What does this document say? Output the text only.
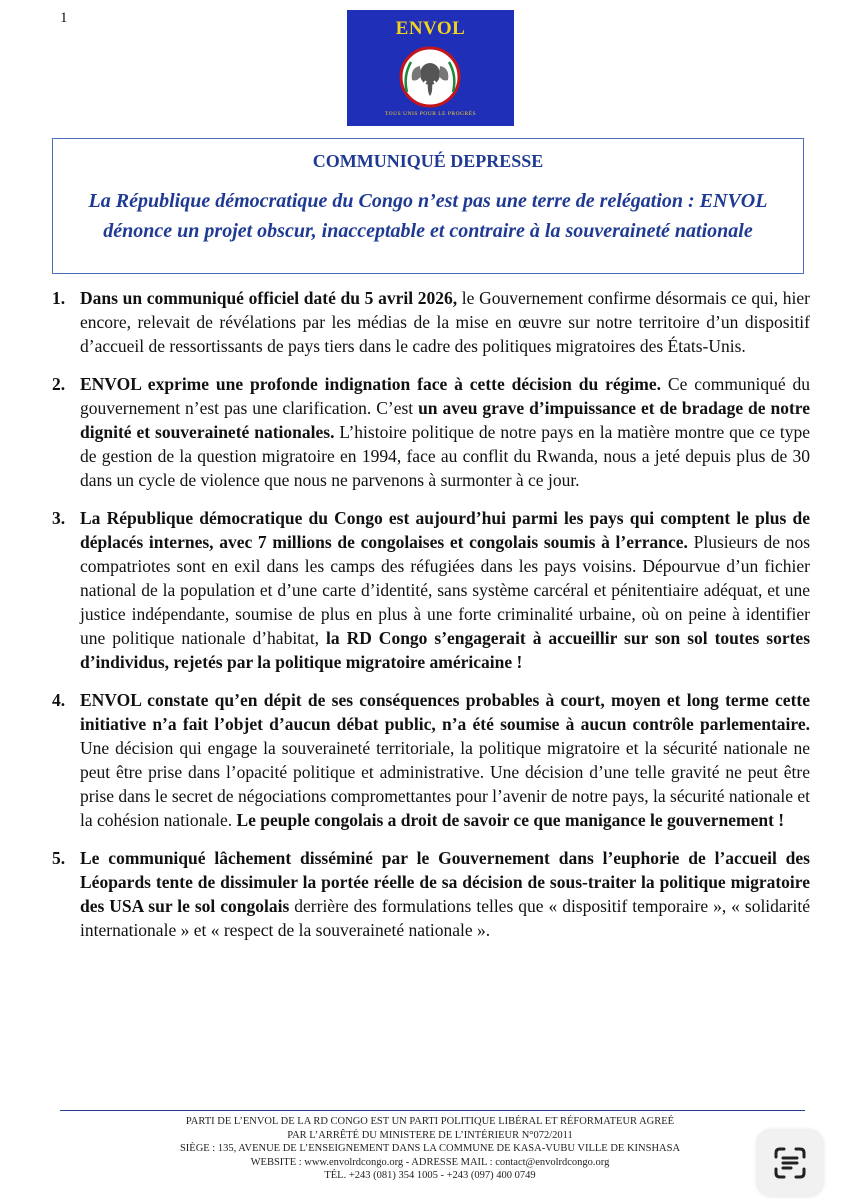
1	ENVOL
TOUS UNIS POUR LE PROGRÈS
COMMUNIQUÉ DEPRESSE
La République démocratique du Congo n’est pas une terre de relégation : ENVOL
dénonce un projet obscur, inacceptable et contraire à la souveraineté nationale
1. Dans un communiqué officiel daté du 5 avril 2026, le Gouvernement confirme désormais ce qui, hier encore, relevait de révélations par les médias de la mise en œuvre sur notre territoire d’un dispositif d’accueil de ressortissants de pays tiers dans le cadre des politiques migratoires des États-Unis.
2. ENVOL exprime une profonde indignation face à cette décision du régime. Ce communiqué du gouvernement n’est pas une clarification. C’est un aveu grave d’impuissance et de bradage de notre dignité et souveraineté nationales. L’histoire politique de notre pays en la matière montre que ce type de gestion de la question migratoire en 1994, face au conflit du Rwanda, nous a jeté depuis plus de 30 dans un cycle de violence que nous ne parvenons à surmonter à ce jour.
3. La République démocratique du Congo est aujourd’hui parmi les pays qui comptent le plus de déplacés internes, avec 7 millions de congolaises et congolais soumis à l’errance. Plusieurs de nos compatriotes sont en exil dans les camps des réfugiées dans les pays voisins. Dépourvue d’un fichier national de la population et d’une carte d’identité, sans système carcéral et pénitentiaire adéquat, et une justice indépendante, soumise de plus en plus à une forte criminalité urbaine, où on peine à identifier une politique nationale d’habitat, la RD Congo s’engagerait à accueillir sur son sol toutes sortes d’individus, rejetés par la politique migratoire américaine !
4. ENVOL constate qu’en dépit de ses conséquences probables à court, moyen et long terme cette initiative n’a fait l’objet d’aucun débat public, n’a été soumise à aucun contrôle parlementaire. Une décision qui engage la souveraineté territoriale, la politique migratoire et la sécurité nationale ne peut être prise dans l’opacité politique et administrative. Une décision d’une telle gravité ne peut être prise dans le secret de négociations compromettantes pour l’avenir de notre pays, la sécurité nationale et la cohésion nationale. Le peuple congolais a droit de savoir ce que manigance le gouvernement !
5. Le communiqué lâchement disséminé par le Gouvernement dans l’euphorie de l’accueil des Léopards tente de dissimuler la portée réelle de sa décision de sous-traiter la politique migratoire des USA sur le sol congolais derrière des formulations telles que « dispositif temporaire », « solidarité internationale » et « respect de la souveraineté nationale ».
PARTI DE L’ENVOL DE LA RD CONGO EST UN PARTI POLITIQUE LIBÉRAL ET RÉFORMATEUR AGREÉ
PAR L’ARRÊTÉ DU MINISTERE DE L’INTÉRIEUR N°072/2011
SIÈGE : 135, AVENUE DE L’ENSEIGNEMENT DANS LA COMMUNE DE KASA-VUBU VILLE DE KINSHASA
WEBSITE : www.envolrdcongo.org - ADRESSE MAIL : contact@envolrdcongo.org
TÉL. +243 (081) 354 1005 - +243 (097) 400 0749
